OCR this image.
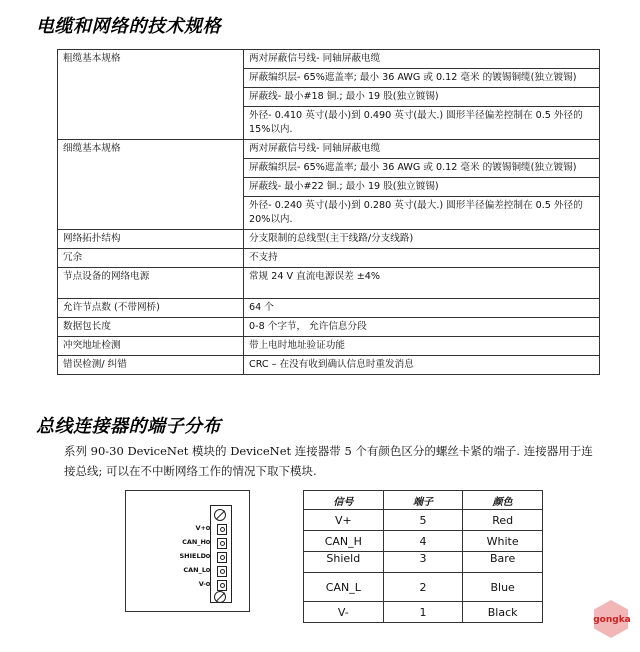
电缆和网络的技术规格
粗缆基本规格	两对屏蔽信号线- 同轴屏蔽电缆
	屏蔽编织层- 65%遮盖率; 最小 36 AWG 或 0.12 毫米 的镀锡铜缆(独立镀锡)
	屏蔽线- 最小#18 铜.; 最小 19 股(独立镀锡)
	外径- 0.410 英寸(最小)到 0.490 英寸(最大.) 圆形半径偏差控制在 0.5 外径的 15%以内.
细缆基本规格	两对屏蔽信号线- 同轴屏蔽电缆
	屏蔽编织层- 65%遮盖率; 最小 36 AWG 或 0.12 毫米 的镀锡铜缆(独立镀锡)
	屏蔽线- 最小#22 铜.; 最小 19 股(独立镀锡)
	外径- 0.240 英寸(最小)到 0.280 英寸(最大.) 圆形半径偏差控制在 0.5 外径的 20%以内.
网络拓扑结构	分支限制的总线型(主干线路/分支线路)
冗余	不支持
节点设备的网络电源	常规 24 V 直流电源误差 ±4%
允许节点数 (不带网桥)	64 个
数据包长度	0-8 个字节， 允许信息分段
冲突地址检测	带上电时地址验证功能
错误检测/ 纠错	CRC – 在没有收到确认信息时重发消息
总线连接器的端子分布

系列 90-30 DeviceNet 模块的 DeviceNet 连接器带 5 个有颜色区分的螺丝卡紧的端子. 连接器用于连接总线; 可以在不中断网络工作的情况下取下模块.

V+
CAN_H
SHIELD
CAN_L
V-
信号	端子	颜色
V+	5	Red
CAN_H	4	White
Shield	3	Bare
CAN_L	2	Blue
V-	1	Black
gongka
